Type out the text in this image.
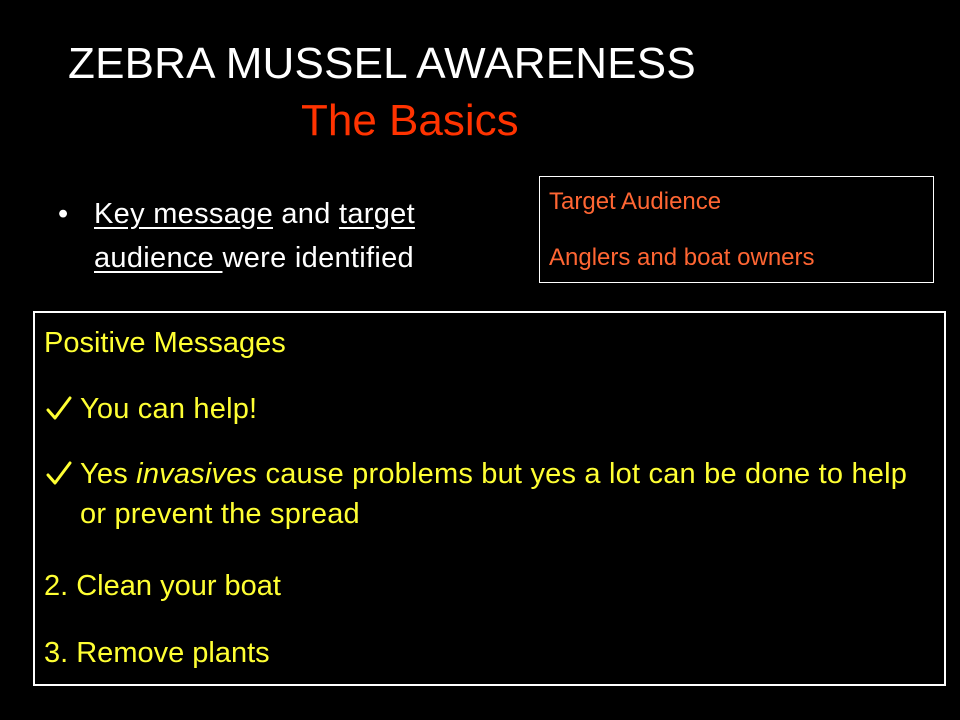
ZEBRA MUSSEL AWARENESS
The Basics
• Key message and target audience were identified
Target Audience
Anglers and boat owners
Positive Messages
You can help!
Yes invasives cause problems but yes a lot can be done to help or prevent the spread
2. Clean your boat
3. Remove plants
